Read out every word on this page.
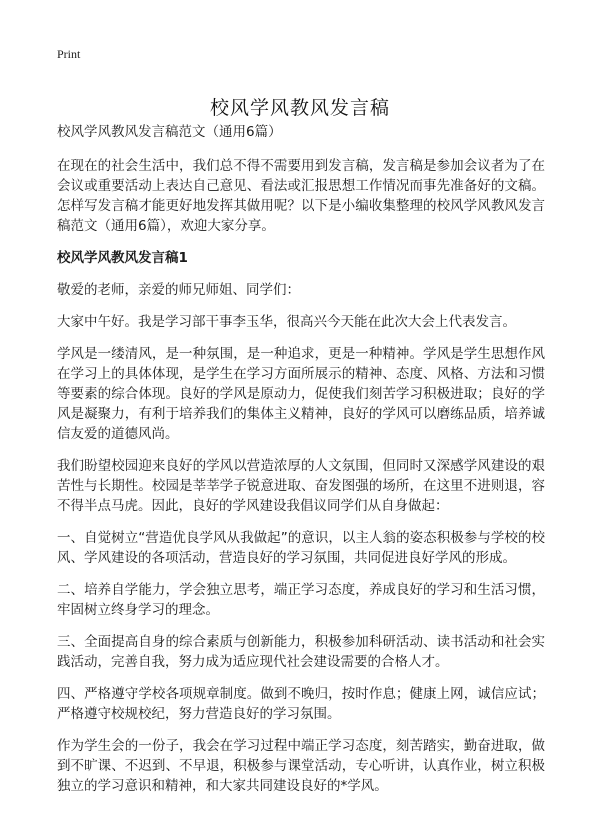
Print
校风学风教风发言稿

校风学风教风发言稿范文（通用6篇）

在现在的社会生活中，我们总不得不需要用到发言稿，发言稿是参加会议者为了在会议或重要活动上表达自己意见、看法或汇报思想工作情况而事先准备好的文稿。怎样写发言稿才能更好地发挥其做用呢？以下是小编收集整理的校风学风教风发言稿范文（通用6篇），欢迎大家分享。

校风学风教风发言稿1

敬爱的老师，亲爱的师兄师姐、同学们：

大家中午好。我是学习部干事李玉华，很高兴今天能在此次大会上代表发言。

学风是一缕清风，是一种氛围，是一种追求，更是一种精神。学风是学生思想作风在学习上的具体体现，是学生在学习方面所展示的精神、态度、风格、方法和习惯等要素的综合体现。良好的学风是原动力，促使我们刻苦学习积极进取；良好的学风是凝聚力，有利于培养我们的集体主义精神，良好的学风可以磨练品质，培养诚信友爱的道德风尚。

我们盼望校园迎来良好的学风以营造浓厚的人文氛围，但同时又深感学风建设的艰苦性与长期性。校园是莘莘学子锐意进取、奋发图强的场所，在这里不进则退，容不得半点马虎。因此，良好的学风建设我倡议同学们从自身做起：

一、自觉树立“营造优良学风从我做起”的意识，以主人翁的姿态积极参与学校的校风、学风建设的各项活动，营造良好的学习氛围，共同促进良好学风的形成。

二、培养自学能力，学会独立思考，端正学习态度，养成良好的学习和生活习惯，牢固树立终身学习的理念。

三、全面提高自身的综合素质与创新能力，积极参加科研活动、读书活动和社会实践活动，完善自我，努力成为适应现代社会建设需要的合格人才。

四、严格遵守学校各项规章制度。做到不晚归，按时作息；健康上网，诚信应试；严格遵守校规校纪，努力营造良好的学习氛围。

作为学生会的一份子，我会在学习过程中端正学习态度，刻苦踏实，勤奋进取，做到不旷课、不迟到、不早退，积极参与课堂活动，专心听讲，认真作业，树立积极独立的学习意识和精神，和大家共同建设良好的*学风。
